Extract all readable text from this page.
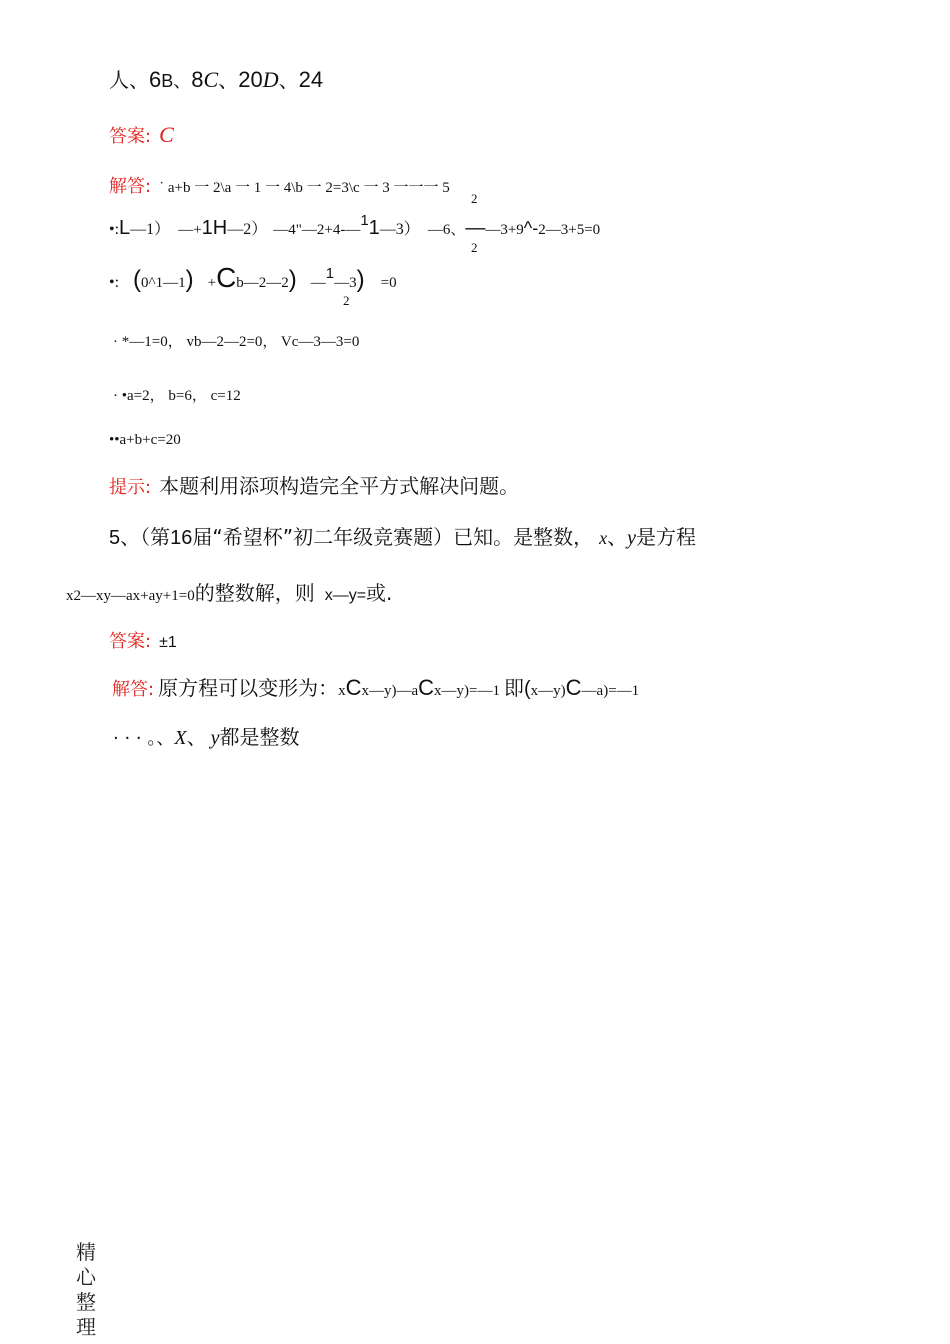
人、6B、8C、20D、24
答案: C
解答: ˙ a+b 一 2\a 一 1 一 4\b 一 2=3\c 一 3 一一一 5
2
•:L—1） —+1H—2） —4"—2+4-—11—3） —6、——3+9^-2—3+5=0
2
•: (0^1—1) +Cb—2—2) —1—3) =0
2
· *—1=0， vb—2—2=0， Vc—3—3=0
· •a=2， b=6， c=12
••a+b+c=20
提示: 本题利用添项构造完全平方式解决问题。
5、（第16届“希望杯”初二年级竞赛题）已知。是整数， x、y是方程
x2—xy—ax+ay+1=0的整数解，则 x—y=或.
答案: ±1
解答: 原方程可以变形为：xCx—y)—aCx—y)=—1 即(x—y)C—a)=—1
· · · 。、X、 y都是整数
精心整理
